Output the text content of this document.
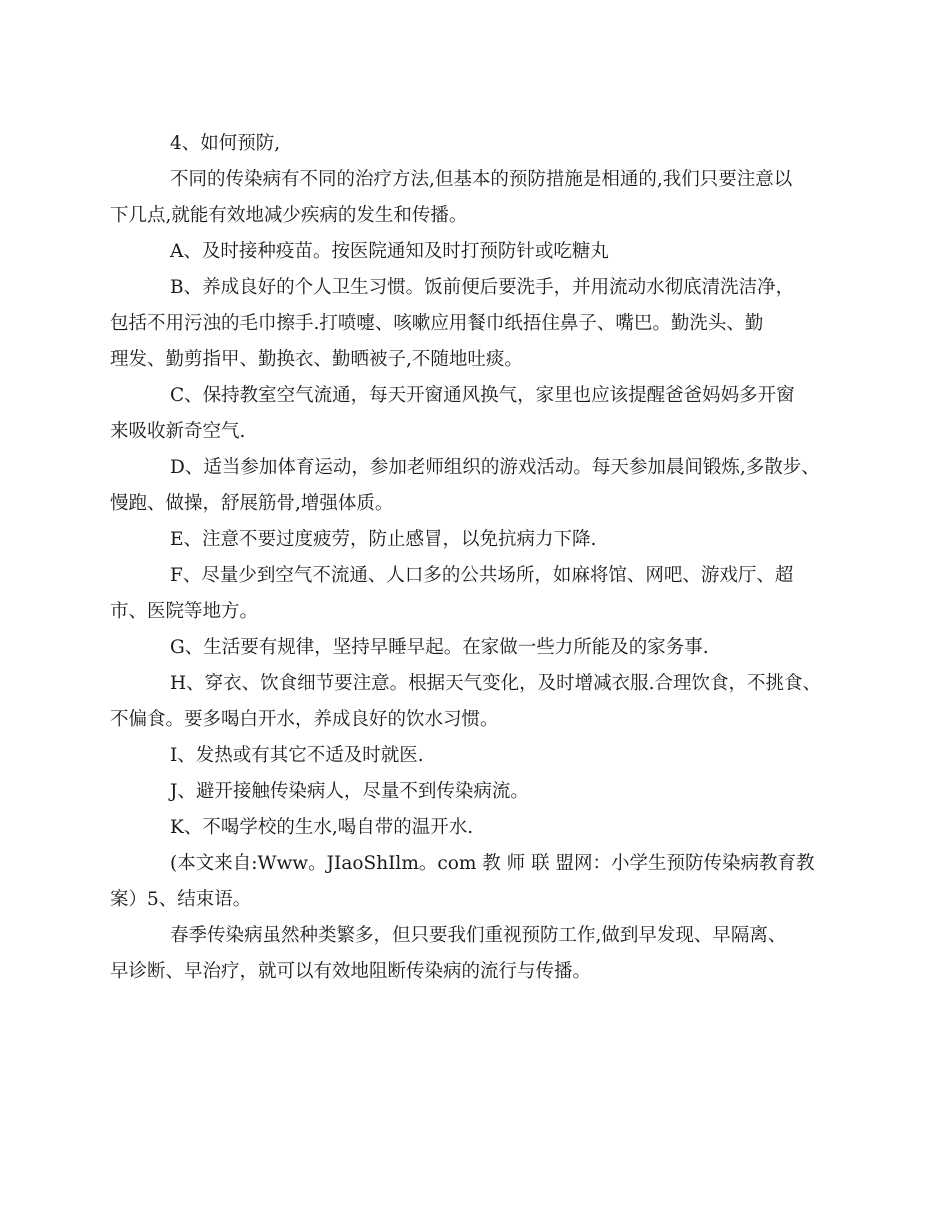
4、如何预防,

不同的传染病有不同的治疗方法,但基本的预防措施是相通的,我们只要注意以
下几点,就能有效地减少疾病的发生和传播。

A、及时接种疫苗。按医院通知及时打预防针或吃糖丸

B、养成良好的个人卫生习惯。饭前便后要洗手，并用流动水彻底清洗洁净，
包括不用污浊的毛巾擦手.打喷嚏、咳嗽应用餐巾纸捂住鼻子、嘴巴。勤洗头、勤
理发、勤剪指甲、勤换衣、勤晒被子,不随地吐痰。

C、保持教室空气流通，每天开窗通风换气，家里也应该提醒爸爸妈妈多开窗
来吸收新奇空气.

D、适当参加体育运动，参加老师组织的游戏活动。每天参加晨间锻炼,多散步、
慢跑、做操，舒展筋骨,增强体质。

E、注意不要过度疲劳，防止感冒，以免抗病力下降.

F、尽量少到空气不流通、人口多的公共场所，如麻将馆、网吧、游戏厅、超
市、医院等地方。

G、生活要有规律，坚持早睡早起。在家做一些力所能及的家务事.

H、穿衣、饮食细节要注意。根据天气变化，及时增减衣服.合理饮食，不挑食、
不偏食。要多喝白开水，养成良好的饮水习惯。

I、发热或有其它不适及时就医.

J、避开接触传染病人，尽量不到传染病流。

K、不喝学校的生水,喝自带的温开水.

(本文来自:Www。JIaoShIlm。com 教 师 联 盟网：小学生预防传染病教育教
案）5、结束语。

春季传染病虽然种类繁多，但只要我们重视预防工作,做到早发现、早隔离、
早诊断、早治疗，就可以有效地阻断传染病的流行与传播。
